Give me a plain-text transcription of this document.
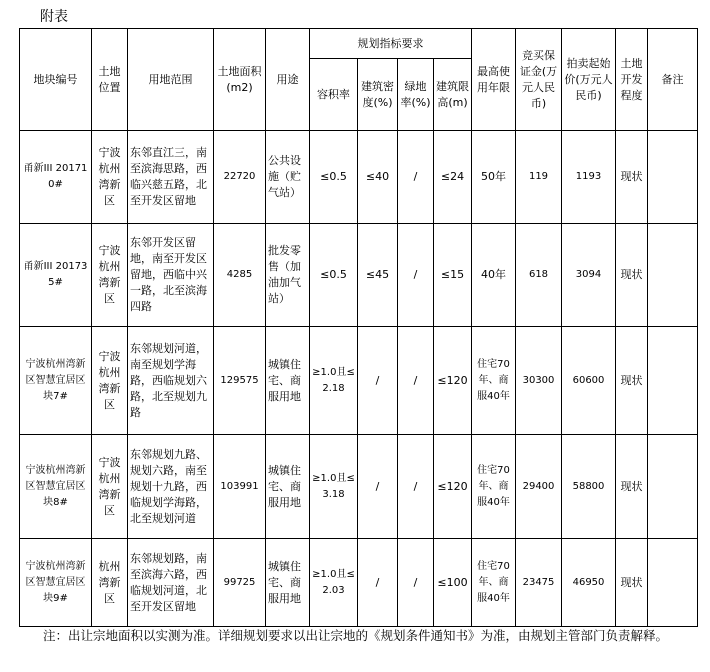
附表
地块编号	土地位置	用地范围	土地面积(m2)	用途	规划指标要求				最高使用年限	竞买保证金(万元人民币)	拍卖起始价(万元人民币)	土地开发程度	备注
					容积率	建筑密度(%)	绿地率(%)	建筑限高(m)					
甬新III 201710#	宁波杭州湾新区	东邻直江三，南至滨海思路，西临兴慈五路，北至开发区留地	22720	公共设施（贮气站）	≤0.5	≤40	/	≤24	50年	119	1193	现状	
甬新III 201735#	宁波杭州湾新区	东邻开发区留地，南至开发区留地，西临中兴一路，北至滨海四路	4285	批发零售（加油加气站）	≤0.5	≤45	/	≤15	40年	618	3094	现状	
宁波杭州湾新区智慧宜居区块7#	宁波杭州湾新区	东邻规划河道，南至规划学海路，西临规划六路，北至规划九路	129575	城镇住宅、商服用地	≥1.0且≤2.18	/	/	≤120	住宅70年、商服40年	30300	60600	现状	
宁波杭州湾新区智慧宜居区块8#	宁波杭州湾新区	东邻规划九路、规划六路，南至规划十九路，西临规划学海路，北至规划河道	103991	城镇住宅、商服用地	≥1.0且≤3.18	/	/	≤120	住宅70年、商服40年	29400	58800	现状	
宁波杭州湾新区智慧宜居区块9#	杭州湾新区	东邻规划路，南至滨海六路，西临规划河道，北至开发区留地	99725	城镇住宅、商服用地	≥1.0且≤2.03	/	/	≤100	住宅70年、商服40年	23475	46950	现状	
注：出让宗地面积以实测为准。详细规划要求以出让宗地的《规划条件通知书》为准，由规划主管部门负责解释。
